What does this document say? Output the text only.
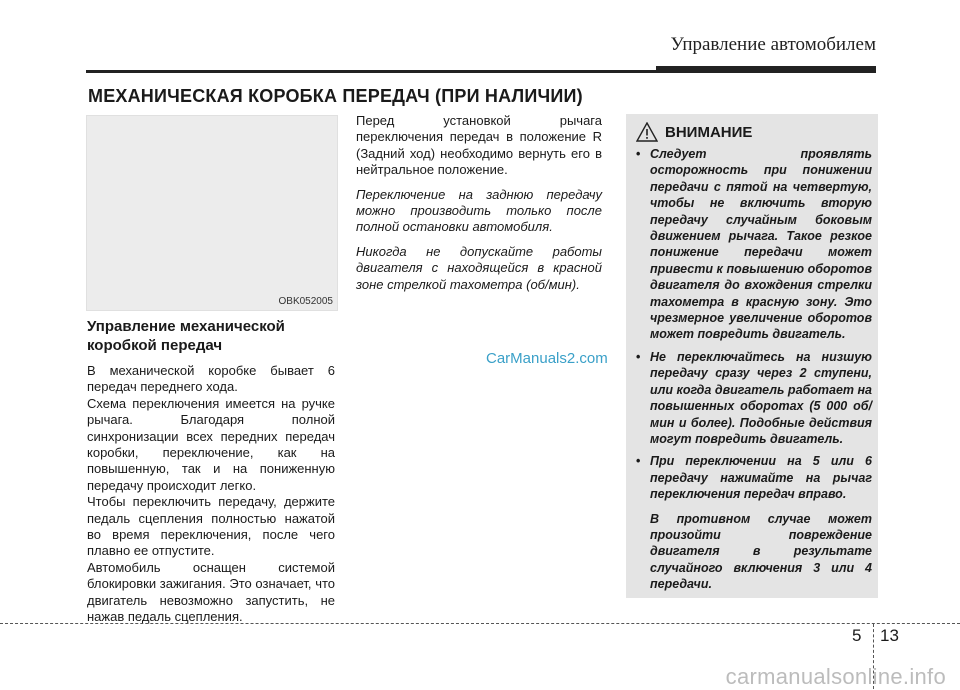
Управление автомобилем
МЕХАНИЧЕСКАЯ КОРОБКА ПЕРЕДАЧ (ПРИ НАЛИЧИИ)
OBK052005
Управление механической коробкой передач

В механической коробке бывает 6 передач переднего хода.

Схема переключения имеется на ручке рычага. Благодаря полной синхронизации всех передних передач коробки, переключение, как на повышенную, так и на пониженную передачу происходит легко.

Чтобы переключить передачу, держите педаль сцепления полностью нажатой во время переключения, после чего плавно ее отпустите.

Автомобиль оснащен системой блокировки зажигания. Это означает, что двигатель невозможно запустить, не нажав педаль сцепления.

Перед установкой рычага переключения передач в положение R (Задний ход) необходимо вернуть его в нейтральное положение.

Переключение на заднюю передачу можно производить только после полной остановки автомобиля.

Никогда не допускайте работы двигателя с находящейся в красной зоне стрелкой тахометра (об/мин).

ВНИМАНИЕ
• Следует проявлять осторожность при понижении передачи с пятой на четвертую, чтобы не включить вторую передачу случайным боковым движением рычага. Такое резкое понижение передачи может привести к повышению оборотов двигателя до вхождения стрелки тахометра в красную зону. Это чрезмерное увеличение оборотов может повредить двигатель.
• Не переключайтесь на низшую передачу сразу через 2 ступени, или когда двигатель работает на повышенных оборотах (5 000 об/мин и более). Подобные действия могут повредить двигатель.
• При переключении на 5 или 6 передачу нажимайте на рычаг переключения передач вправо.
В противном случае может произойти повреждение двигателя в результате случайного включения 3 или 4 передачи.
CarManuals2.com
5 13
carmanualsonline.info
